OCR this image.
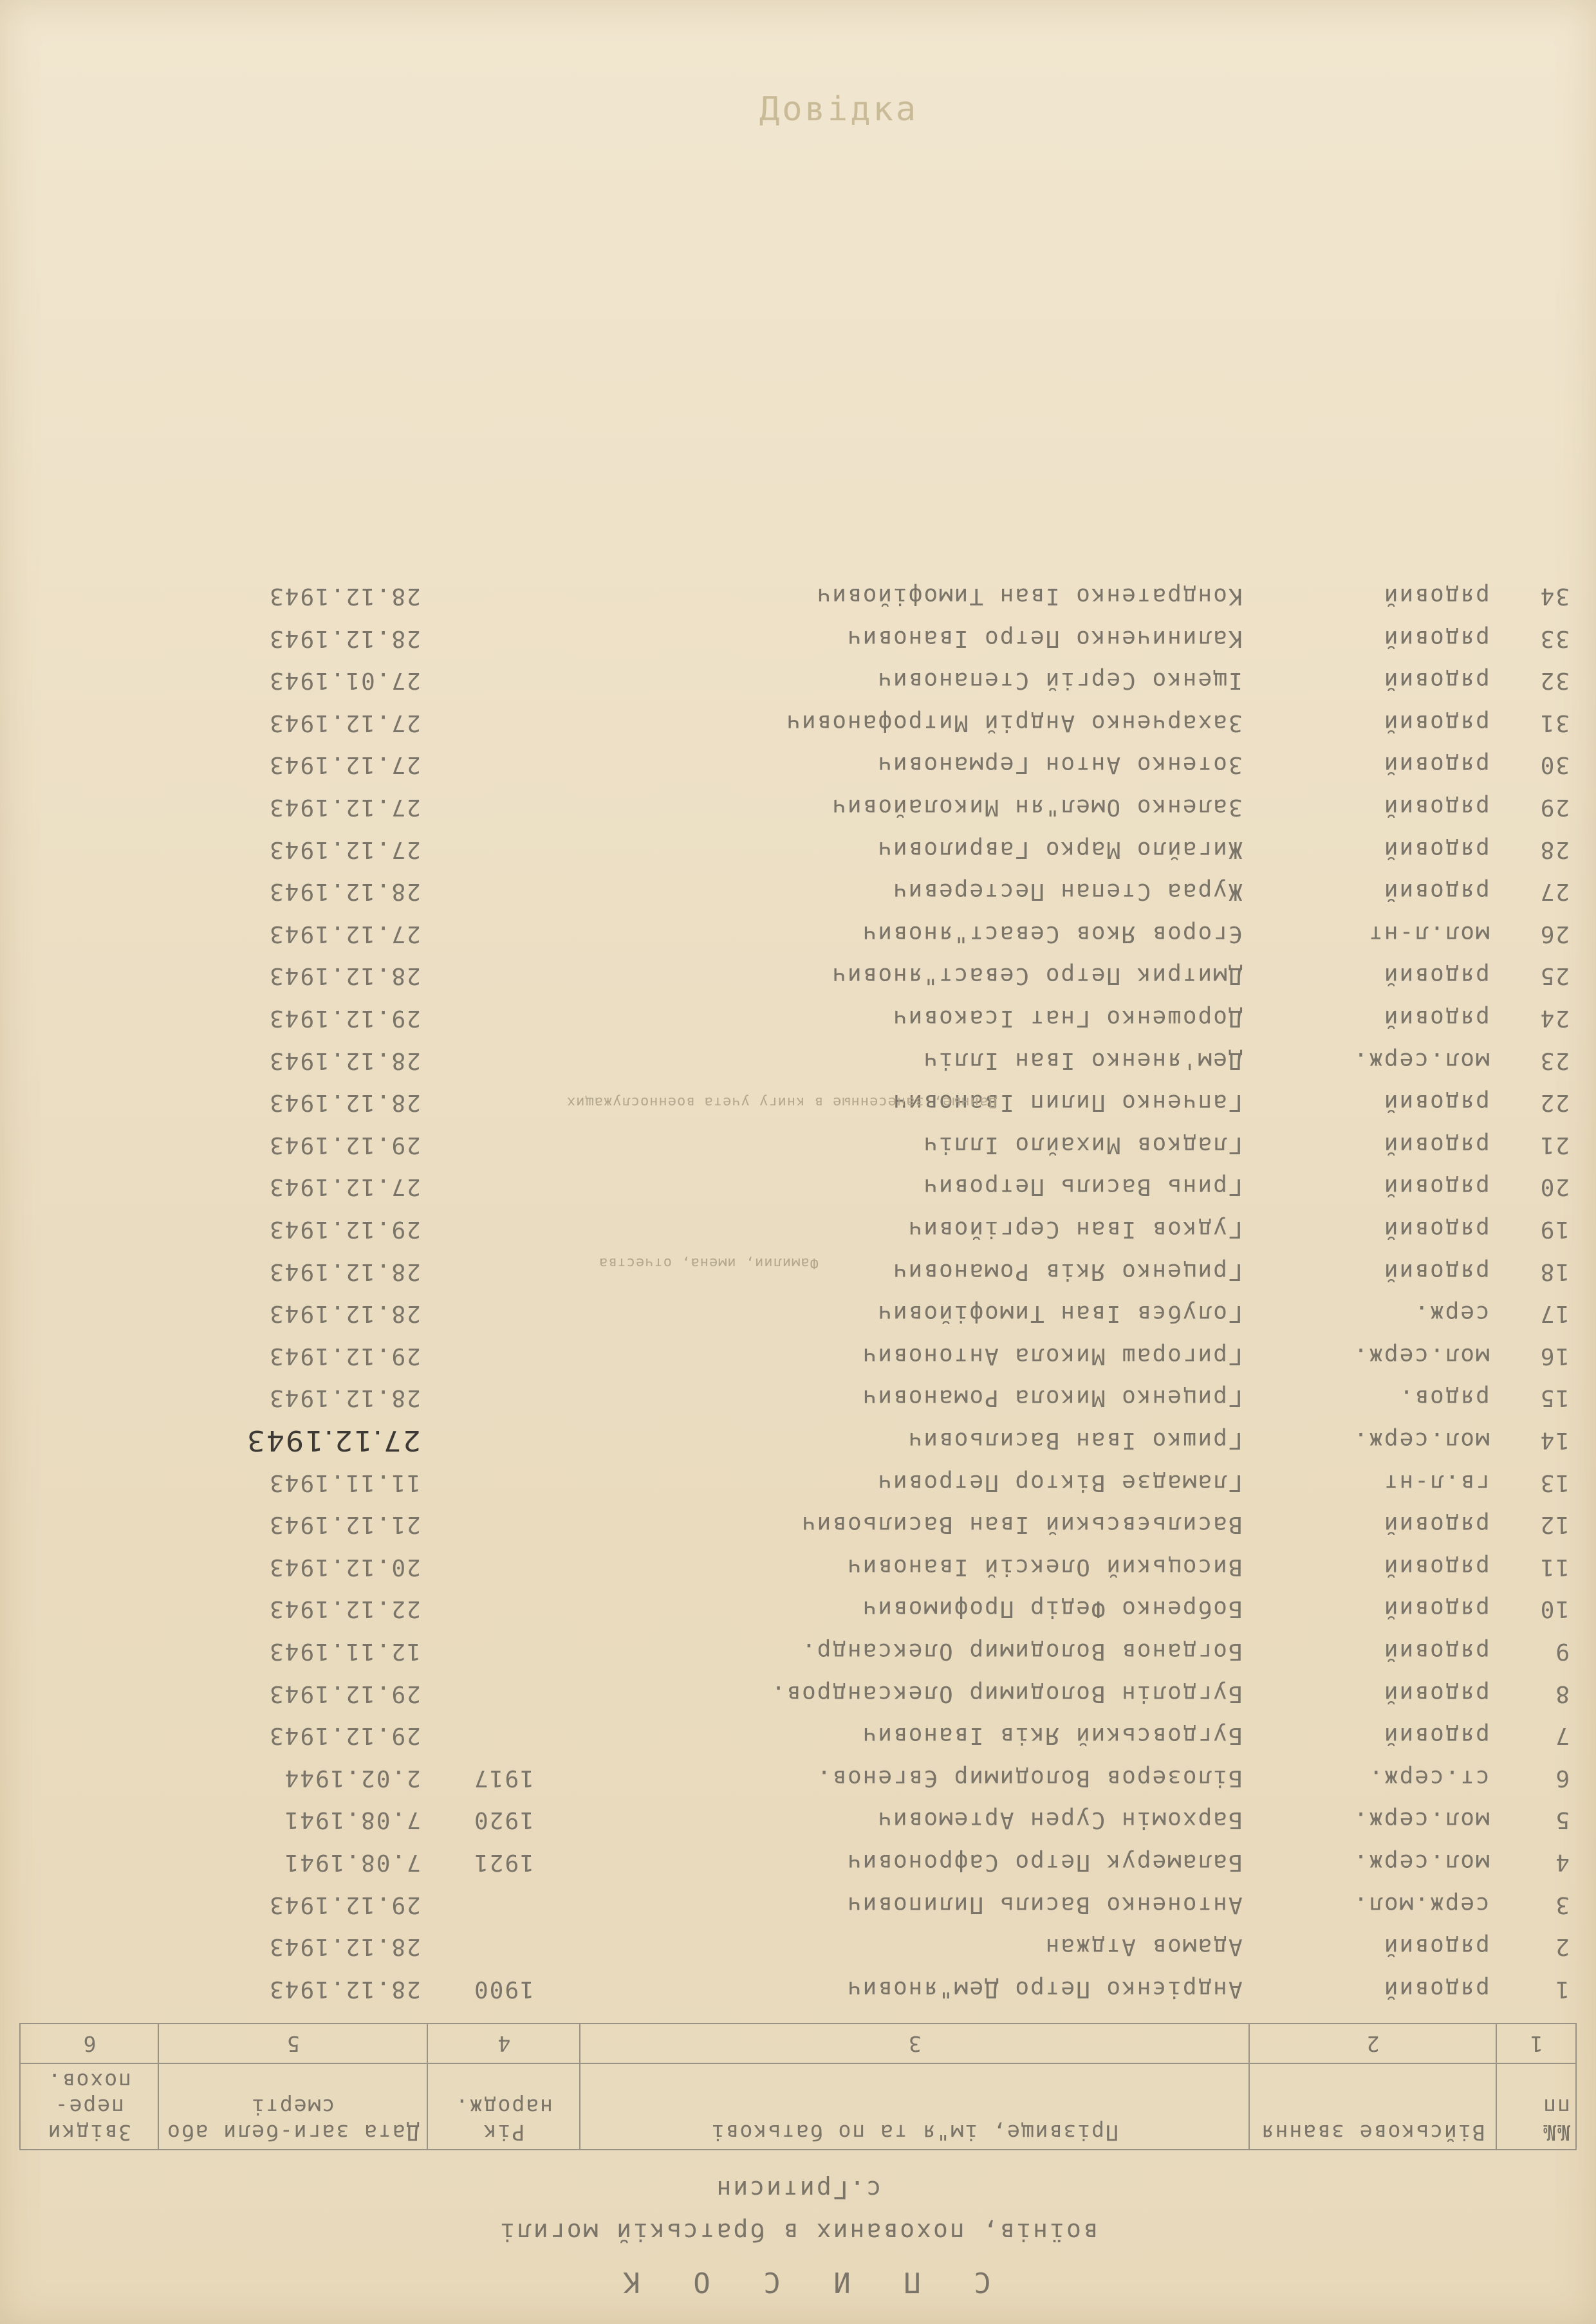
Довідка
С П И С О К
воїнів, похованих в братській могилі
с.Гритисин
№№ пп	Військове звання	Прізвище, ім"я та по батькові	Рік народж.	Дата заги-бели або смерті	Звідки пере-похов.
1	2	3	4	5	6
1	рядовий	Андрієнко Петро Дем"янович	1900	28.12.1943	
2	рядовий	Адамов Атджан		28.12.1943	
3	серж.мол.	Антоненко Василь Пилипович		29.12.1943	
4	мол.серж.	Баламерук Петро Сафронович	1921	7.08.1941	
5	мол.серж.	Бархомін Сурен Артемович	1920	7.08.1941	
6	ст.серж.	Білозеров Володимир Євгенов.	1917	2.02.1944	
7	рядовий	Бугдовський Яків Іванович		29.12.1943	
8	рядовий	Бугдолін Володимир Олександров.		29.12.1943	
9	рядовий	Богданов Володимир Олександр.		12.11.1943	
10	рядовий	Бобренко Федір Профимович		22.12.1943	
11	рядовий	Висоцький Олексій Іванович		20.12.1943	
12	рядовий	Васильєвський Іван Васильович		21.12.1943	
13	гв.л-нт	Гламадзе Віктор Петрович		11.11.1943	
14	мол.серж.	Гришко Іван Васильович		27.12.1943	
15	рядов.	Гриценко Микола Романович		28.12.1943	
16	мол.серж.	Григораш Микола Антонович		29.12.1943	
17	серж.	Голубєв Іван Тимофійович		28.12.1943	
18	рядовий	Гриценко Яків Романович		28.12.1943	
19	рядовий	Гудков Іван Сергійович		29.12.1943	
20	рядовий	Гринь Василь Петрович		27.12.1943	
21	рядовий	Гладков Михайло Ілліч		29.12.1943	
22	рядовий	Гапченко Пилип Іванович		28.12.1943	
23	мол.серж.	Дем'яненко Іван Ілліч		28.12.1943	
24	рядовий	Дорошенко Гнат Ісакович		29.12.1943	
25	рядовий	Дмитрик Петро Севаст"янович		28.12.1943	
26	мол.л-нт	Єгоров Яков Севаст"янович		27.12.1943	
27	рядовий	Жураа Степан Пестеревич		28.12.1943	
28	рядовий	Жигайло Марко Гаврилович		27.12.1943	
29	рядовий	Заленко Омел"ян Миколайович		27.12.1943	
30	рядовий	Зотенко Антон Германович		27.12.1943	
31	рядовий	Захарченко Андрій Митрофанович		27.12.1943	
32	рядовий	Іщенко Сергій Степанович		27.01.1943	
33	рядовий	Калиниченко Петро Іванович		28.12.1943	
34	рядовий	Кондратенко Іван Тимофійович		28.12.1943	
Данные, занесенные в книгу учета военнослужащих
Фамилии, имена, отчества
